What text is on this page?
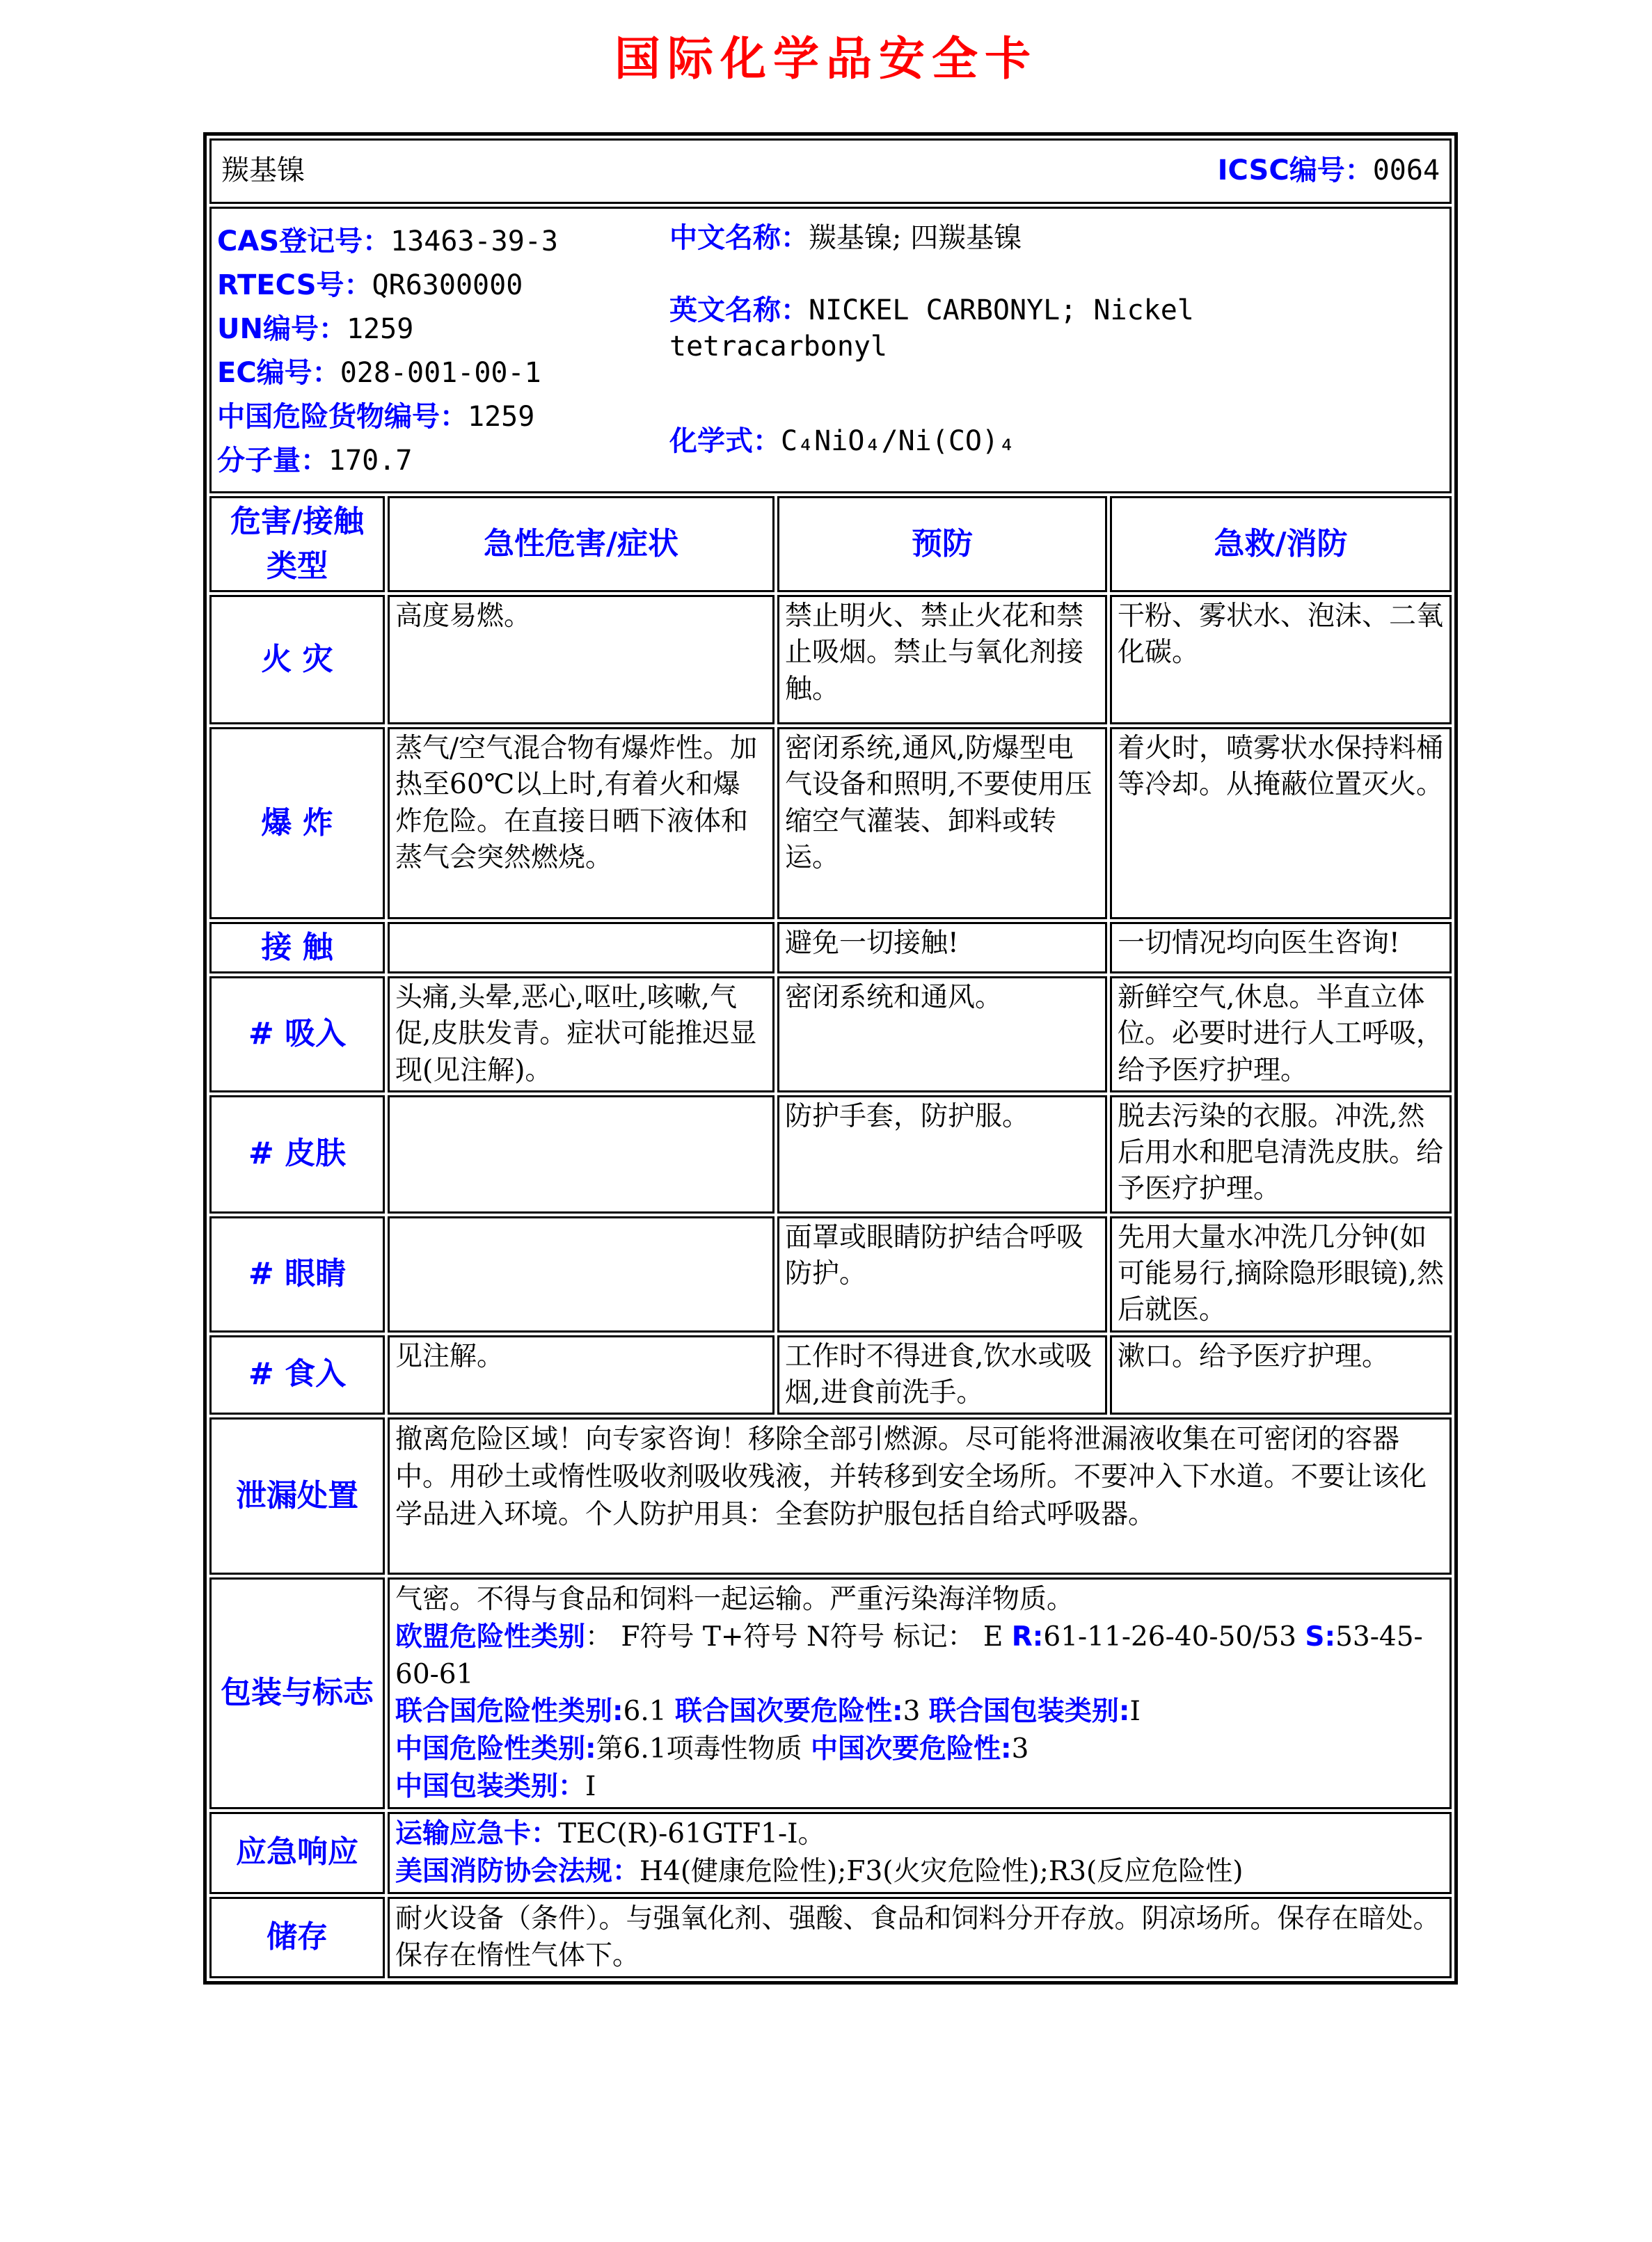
国际化学品安全卡
羰基镍 ICSC编号：0064			

CAS登记号：13463-39-3
RTECS号：QR6300000
UN编号：1259
EC编号：028-001-00-1
中国危险货物编号：1259
分子量：170.7
中文名称：羰基镍; 四羰基镍
英文名称：NICKEL CARBONYL; Nickel tetracarbonyl
化学式：C₄NiO₄/Ni(CO)₄

危害/接触
类型	急性危害/症状	预防	急救/消防
火 灾	高度易燃。	禁止明火、禁止火花和禁止吸烟。禁止与氧化剂接触。	干粉、雾状水、泡沫、二氧化碳。
爆 炸	蒸气/空气混合物有爆炸性。加热至60℃以上时,有着火和爆炸危险。在直接日晒下液体和蒸气会突然燃烧。	密闭系统,通风,防爆型电气设备和照明,不要使用压缩空气灌装、卸料或转运。	着火时，喷雾状水保持料桶等冷却。从掩蔽位置灭火。
接 触		避免一切接触!	一切情况均向医生咨询!
# 吸入	头痛,头晕,恶心,呕吐,咳嗽,气促,皮肤发青。症状可能推迟显现(见注解)。	密闭系统和通风。	新鲜空气,休息。半直立体位。必要时进行人工呼吸，给予医疗护理。
# 皮肤		防护手套，防护服。	脱去污染的衣服。冲洗,然后用水和肥皂清洗皮肤。给予医疗护理。
# 眼睛		面罩或眼睛防护结合呼吸防护。	先用大量水冲洗几分钟(如可能易行,摘除隐形眼镜),然后就医。
# 食入	见注解。	工作时不得进食,饮水或吸烟,进食前洗手。	漱口。给予医疗护理。
泄漏处置	撤离危险区域！向专家咨询！移除全部引燃源。尽可能将泄漏液收集在可密闭的容器中。用砂土或惰性吸收剂吸收残液，并转移到安全场所。不要冲入下水道。不要让该化学品进入环境。个人防护用具：全套防护服包括自给式呼吸器。		

包装与标志	气密。不得与食品和饲料一起运输。严重污染海洋物质。
欧盟危险性类别： F符号 T+符号 N符号 标记： E R:61-11-26-40-50/53 S:53-45-60-61
联合国危险性类别:6.1 联合国次要危险性:3 联合国包装类别:I
中国危险性类别:第6.1项毒性物质 中国次要危险性:3
中国包装类别：I		

应急响应	运输应急卡：TEC(R)-61GTF1-I。
美国消防协会法规：H4(健康危险性);F3(火灾危险性);R3(反应危险性)		

储存	耐火设备（条件）。与强氧化剂、强酸、食品和饲料分开存放。阴凉场所。保存在暗处。保存在惰性气体下。		
